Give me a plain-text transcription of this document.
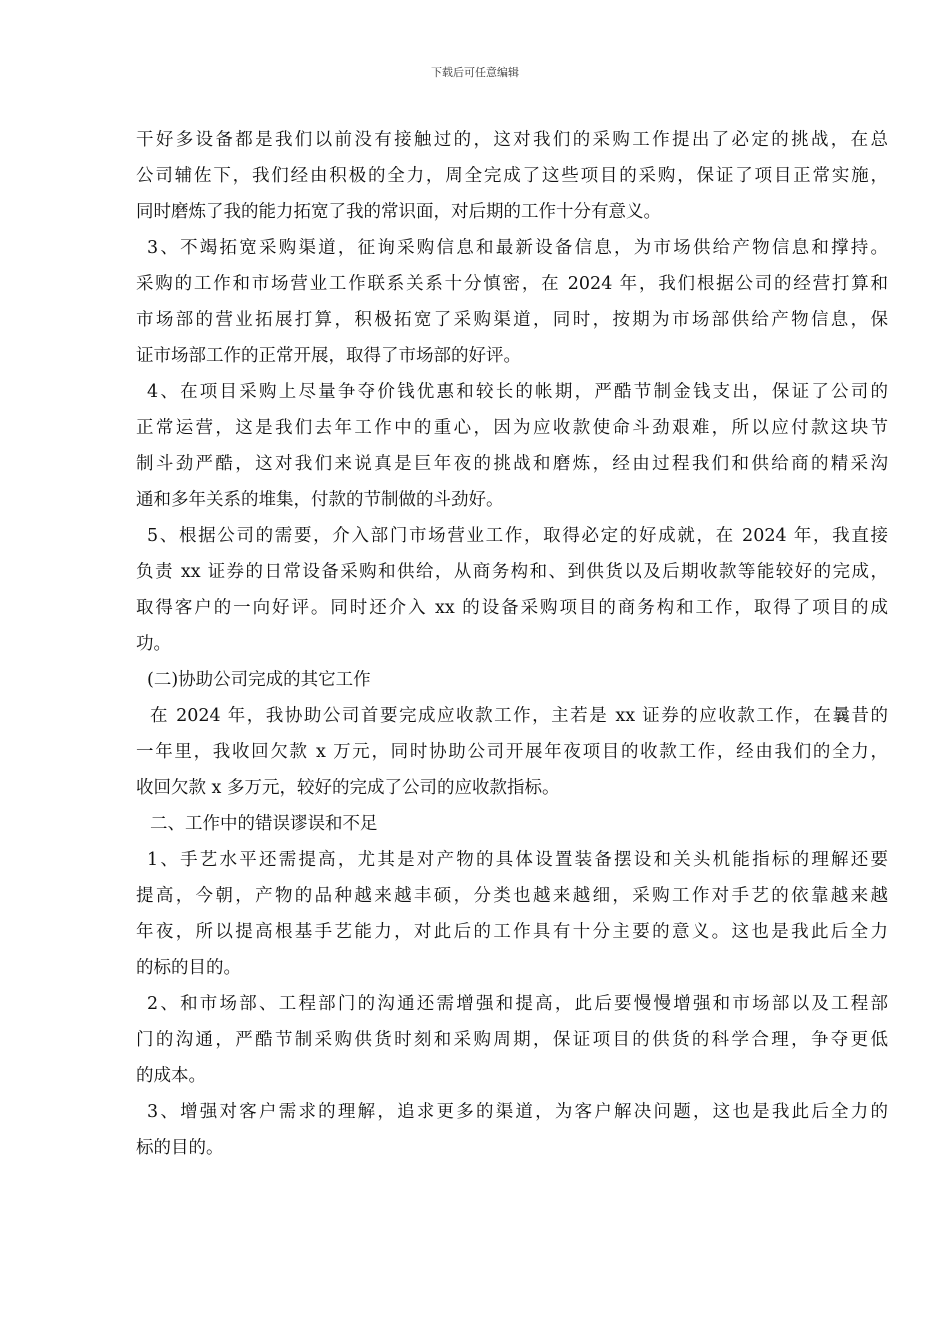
下载后可任意编辑
干好多设备都是我们以前没有接触过的，这对我们的采购工作提出了必定的挑战，在总
公司辅佐下，我们经由积极的全力，周全完成了这些项目的采购，保证了项目正常实施，
同时磨炼了我的能力拓宽了我的常识面，对后期的工作十分有意义。
3、不竭拓宽采购渠道，征询采购信息和最新设备信息，为市场供给产物信息和撑持。
采购的工作和市场营业工作联系关系十分慎密，在 2024 年，我们根据公司的经营打算和
市场部的营业拓展打算，积极拓宽了采购渠道，同时，按期为市场部供给产物信息，保
证市场部工作的正常开展，取得了市场部的好评。
4、在项目采购上尽量争夺价钱优惠和较长的帐期，严酷节制金钱支出，保证了公司的
正常运营，这是我们去年工作中的重心，因为应收款使命斗劲艰难，所以应付款这块节
制斗劲严酷，这对我们来说真是巨年夜的挑战和磨炼，经由过程我们和供给商的精采沟
通和多年关系的堆集，付款的节制做的斗劲好。
5、根据公司的需要，介入部门市场营业工作，取得必定的好成就，在 2024 年，我直接
负责 xx 证券的日常设备采购和供给，从商务构和、到供货以及后期收款等能较好的完成，
取得客户的一向好评。同时还介入 xx 的设备采购项目的商务构和工作，取得了项目的成
功。
(二)协助公司完成的其它工作
在 2024 年，我协助公司首要完成应收款工作，主若是 xx 证券的应收款工作，在曩昔的
一年里，我收回欠款 x 万元，同时协助公司开展年夜项目的收款工作，经由我们的全力，
收回欠款 x 多万元，较好的完成了公司的应收款指标。
二、工作中的错误谬误和不足
1、手艺水平还需提高，尤其是对产物的具体设置装备摆设和关头机能指标的理解还要
提高，今朝，产物的品种越来越丰硕，分类也越来越细，采购工作对手艺的依靠越来越
年夜，所以提高根基手艺能力，对此后的工作具有十分主要的意义。这也是我此后全力
的标的目的。
2、和市场部、工程部门的沟通还需增强和提高，此后要慢慢增强和市场部以及工程部
门的沟通，严酷节制采购供货时刻和采购周期，保证项目的供货的科学合理，争夺更低
的成本。
3、增强对客户需求的理解，追求更多的渠道，为客户解决问题，这也是我此后全力的
标的目的。
